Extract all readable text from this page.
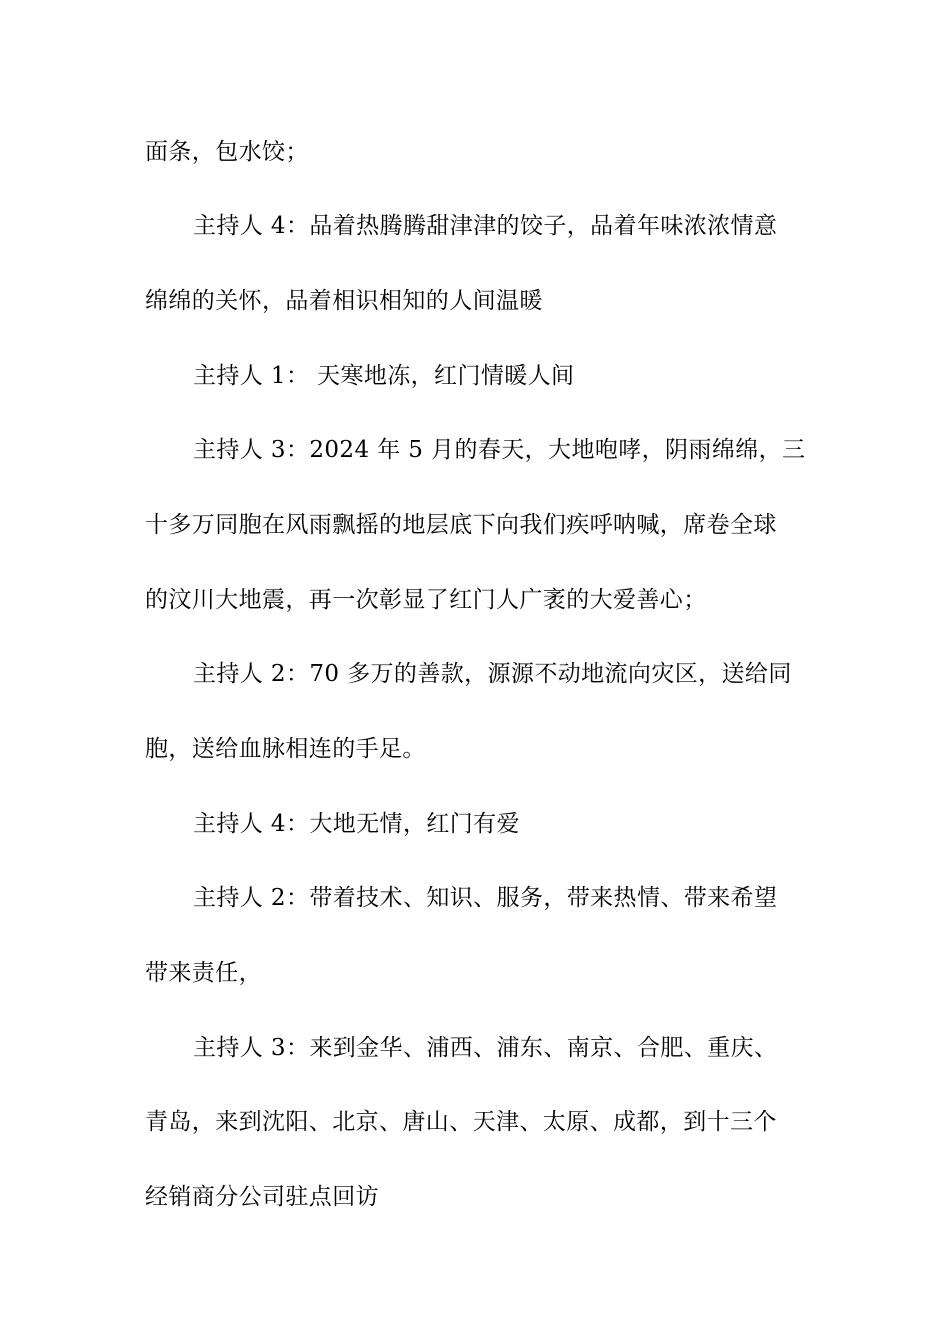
面条，包水饺；
主持人 4：品着热腾腾甜津津的饺子，品着年味浓浓情意
绵绵的关怀，品着相识相知的人间温暖
主持人 1： 天寒地冻，红门情暖人间
主持人 3：2024 年 5 月的春天，大地咆哮，阴雨绵绵，三
十多万同胞在风雨飘摇的地层底下向我们疾呼呐喊，席卷全球
的汶川大地震，再一次彰显了红门人广袤的大爱善心；
主持人 2：70 多万的善款，源源不动地流向灾区，送给同
胞，送给血脉相连的手足。
主持人 4：大地无情，红门有爱
主持人 2：带着技术、知识、服务，带来热情、带来希望
带来责任，
主持人 3：来到金华、浦西、浦东、南京、合肥、重庆、
青岛，来到沈阳、北京、唐山、天津、太原、成都，到十三个
经销商分公司驻点回访
